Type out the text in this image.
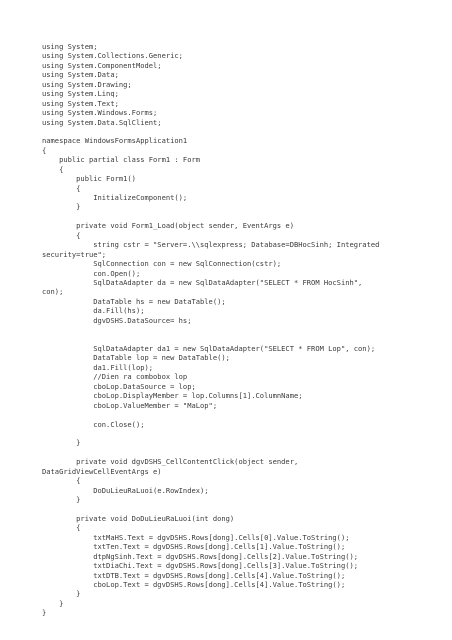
using System;
using System.Collections.Generic;
using System.ComponentModel;
using System.Data;
using System.Drawing;
using System.Linq;
using System.Text;
using System.Windows.Forms;
using System.Data.SqlClient;
namespace WindowsFormsApplication1
{
public partial class Form1 : Form
{
public Form1()
{
InitializeComponent();
}
private void Form1_Load(object sender, EventArgs e)
{
string cstr = "Server=.\\sqlexpress; Database=DBHocSinh; Integrated
security=true";
SqlConnection con = new SqlConnection(cstr);
con.Open();
SqlDataAdapter da = new SqlDataAdapter("SELECT * FROM HocSinh",
con);
DataTable hs = new DataTable();
da.Fill(hs);
dgvDSHS.DataSource= hs;
SqlDataAdapter da1 = new SqlDataAdapter("SELECT * FROM Lop", con);
DataTable lop = new DataTable();
da1.Fill(lop);
//Dien ra combobox lop
cboLop.DataSource = lop;
cboLop.DisplayMember = lop.Columns[1].ColumnName;
cboLop.ValueMember = "MaLop";
con.Close();
}
private void dgvDSHS_CellContentClick(object sender,
DataGridViewCellEventArgs e)
{
DoDuLieuRaLuoi(e.RowIndex);
}
private void DoDuLieuRaLuoi(int dong)
{
txtMaHS.Text = dgvDSHS.Rows[dong].Cells[0].Value.ToString();
txtTen.Text = dgvDSHS.Rows[dong].Cells[1].Value.ToString();
dtpNgSinh.Text = dgvDSHS.Rows[dong].Cells[2].Value.ToString();
txtDiaChi.Text = dgvDSHS.Rows[dong].Cells[3].Value.ToString();
txtDTB.Text = dgvDSHS.Rows[dong].Cells[4].Value.ToString();
cboLop.Text = dgvDSHS.Rows[dong].Cells[4].Value.ToString();
}
}
}
